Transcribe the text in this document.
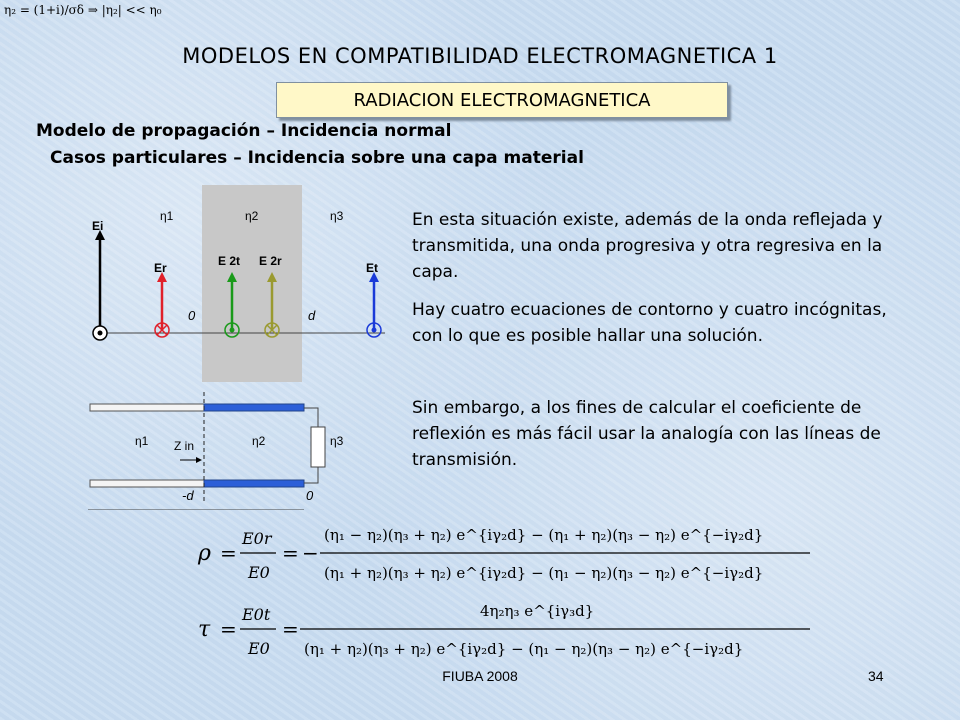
η₂ = (1+i)/σδ ⇒ |η₂| << η₀
MODELOS EN COMPATIBILIDAD ELECTROMAGNETICA 1
RADIACION ELECTROMAGNETICA
Modelo de propagación – Incidencia normal
Casos particulares – Incidencia sobre una capa material
En esta situación existe, además de la onda reflejada y transmitida, una onda progresiva y otra regresiva en la capa.
Hay cuatro ecuaciones de contorno y cuatro incógnitas, con lo que es posible hallar una solución.
Sin embargo, a los fines de calcular el coeficiente de reflexión es más fácil usar la analogía con las líneas de transmisión.
η1	η2	η3
Ei
Er	E 2t E 2r	Et
0	d
η1	η2	η3
Z in
-d	0
ρ =
E0r
E0
= −
(η₁ − η₂)(η₃ + η₂) e^{iγ₂d} − (η₁ + η₂)(η₃ − η₂) e^{−iγ₂d}
(η₁ + η₂)(η₃ + η₂) e^{iγ₂d} − (η₁ − η₂)(η₃ − η₂) e^{−iγ₂d}
τ =
E0t
E0
=
4η₂η₃ e^{iγ₃d}
(η₁ + η₂)(η₃ + η₂) e^{iγ₂d} − (η₁ − η₂)(η₃ − η₂) e^{−iγ₂d}
FIUBA 2008	34
